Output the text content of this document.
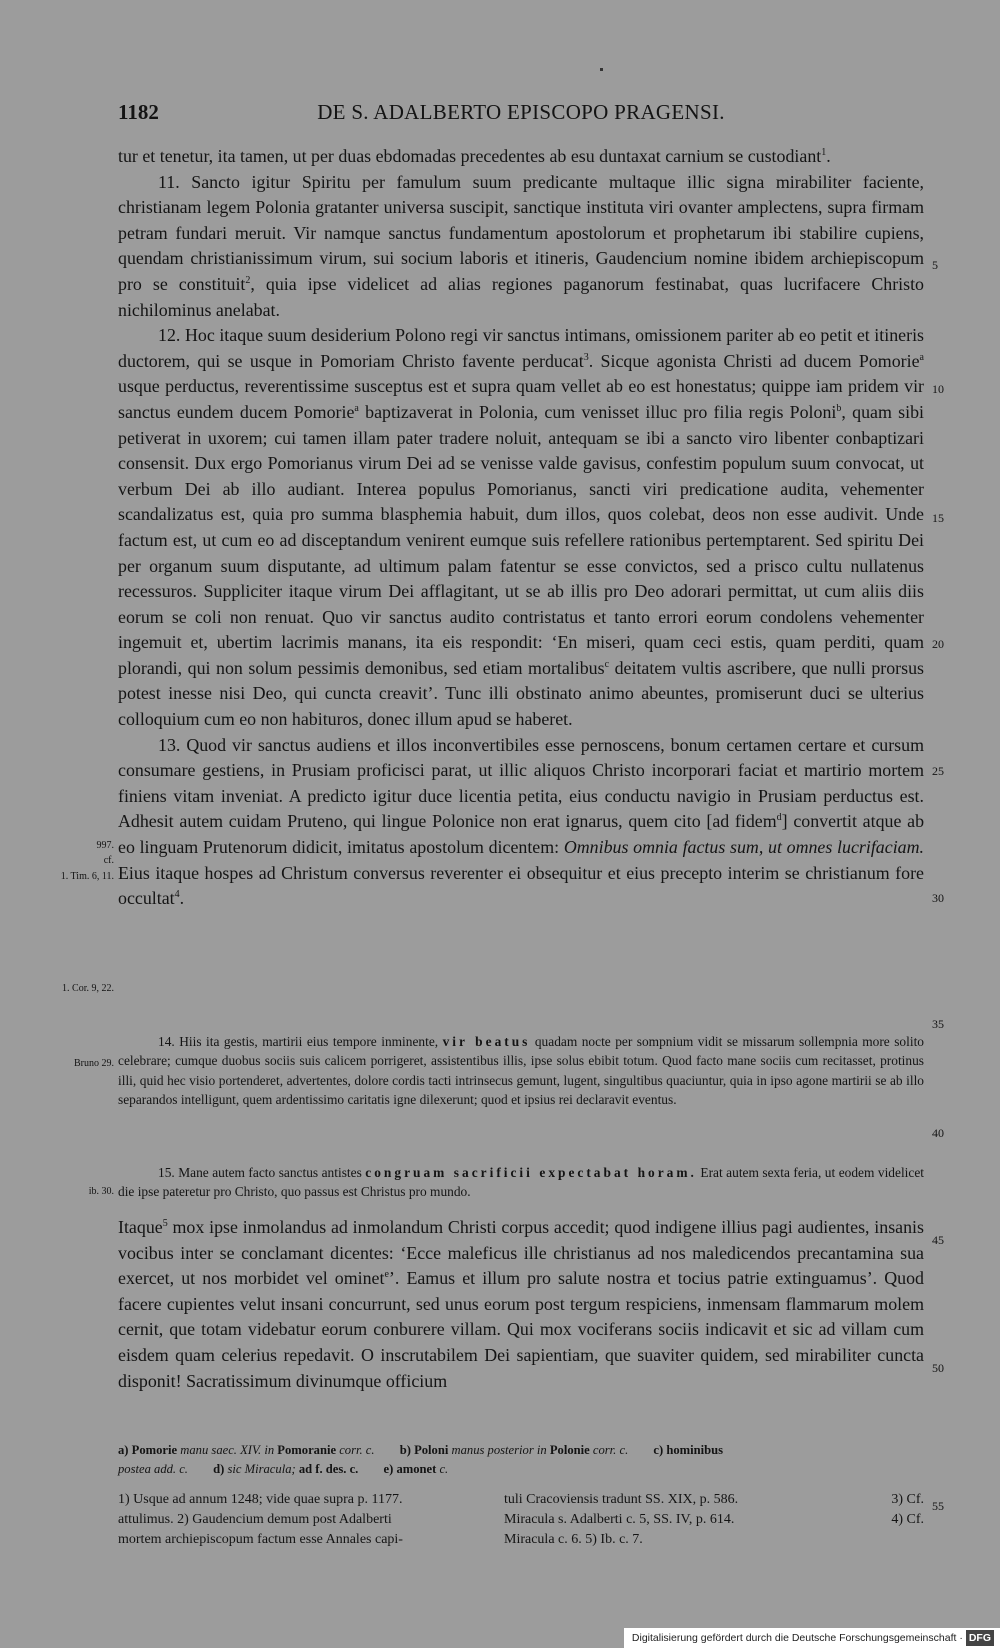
1182	DE S. ADALBERTO EPISCOPO PRAGENSI.

tur et tenetur, ita tamen, ut per duas ebdomadas precedentes ab esu duntaxat carnium se custodiant$^1$.

11. Sancto igitur Spiritu per famulum suum predicante multaque illic signa mirabiliter faciente, christianam legem Polonia gratanter universa suscipit, sanctique instituta viri ovanter amplectens, supra firmam petram fundari meruit. Vir namque sanctus fundamentum apostolorum et prophetarum ibi stabilire cupiens, quendam christianissimum virum, sui socium laboris et itineris, Gaudencium nomine ibidem archiepiscopum pro se constituit$^2$, quia ipse videlicet ad alias regiones paganorum festinabat, quas lucrifacere Christo nichilominus anelabat.

12. Hoc itaque suum desiderium Polono regi vir sanctus intimans, omissionem pariter ab eo petit et itineris ductorem, qui se usque in Pomoriam Christo favente perducat$^3$. Sicque agonista Christi ad ducem Pomorie$^a$ usque perductus, reverentissime susceptus est et supra quam vellet ab eo est honestatus; quippe iam pridem vir sanctus eundem ducem Pomorie$^a$ baptizaverat in Polonia, cum venisset illuc pro filia regis Poloni$^b$, quam sibi petiverat in uxorem; cui tamen illam pater tradere noluit, antequam se ibi a sancto viro libenter conbaptizari consensit. Dux ergo Pomorianus virum Dei ad se venisse valde gavisus, confestim populum suum convocat, ut verbum Dei ab illo audiant. Interea populus Pomorianus, sancti viri predicatione audita, vehementer scandalizatus est, quia pro summa blasphemia habuit, dum illos, quos colebat, deos non esse audivit. Unde factum est, ut cum eo ad disceptandum venirent eumque suis refellere rationibus pertemptarent. Sed spiritu Dei per organum suum disputante, ad ultimum palam fatentur se esse convictos, sed a prisco cultu nullatenus recessuros. Suppliciter itaque virum Dei afflagitant, ut se ab illis pro Deo adorari permittat, ut cum aliis diis eorum se coli non renuat. Quo vir sanctus audito contristatus et tanto errori eorum condolens vehementer ingemuit et, ubertim lacrimis manans, ita eis respondit: ‘En miseri, quam ceci estis, quam perditi, quam plorandi, qui non solum pessimis demonibus, sed etiam mortalibus$^c$ deitatem vultis ascribere, que nulli prorsus potest inesse nisi Deo, qui cuncta creavit’. Tunc illi obstinato animo abeuntes, promiserunt duci se ulterius colloquium cum eo non habituros, donec illum apud se haberet.

13. Quod vir sanctus audiens et illos inconvertibiles esse pernoscens, bonum certamen certare et cursum consumare gestiens, in Prusiam proficisci parat, ut illic aliquos Christo incorporari faciat et martirio mortem finiens vitam inveniat. A predicto igitur duce licentia petita, eius conductu navigio in Prusiam perductus est. Adhesit autem cuidam Pruteno, qui lingue Polonice non erat ignarus, quem cito [ad fidem$^d$] convertit atque ab eo linguam Prutenorum didicit, imitatus apostolum dicentem: Omnibus omnia factus sum, ut omnes lucrifaciam. Eius itaque hospes ad Christum conversus reverenter ei obsequitur et eius precepto interim se christianum fore occultat$^4$.

14. Hiis ita gestis, martirii eius tempore inminente, vir beatus quadam nocte per sompnium vidit se missarum sollempnia more solito celebrare; cumque duobus sociis suis calicem porrigeret, assistentibus illis, ipse solus ebibit totum. Quod facto mane sociis cum recitasset, protinus illi, quid hec visio portenderet, advertentes, dolore cordis tacti intrinsecus gemunt, lugent, singultibus quaciuntur, quia in ipso agone martirii se ab illo separandos intelligunt, quem ardentissimo caritatis igne dilexerunt; quod et ipsius rei declaravit eventus.

15. Mane autem facto sanctus antistes congruam sacrificii expectabat horam. Erat autem sexta feria, ut eodem videlicet die ipse pateretur pro Christo, quo passus est Christus pro mundo.

Itaque$^5$ mox ipse inmolandus ad inmolandum Christi corpus accedit; quod indigene illius pagi audientes, insanis vocibus inter se conclamant dicentes: ‘Ecce maleficus ille christianus ad nos maledicendos precantamina sua exercet, ut nos morbidet vel ominet$^e$’. Eamus et illum pro salute nostra et tocius patrie extinguamus’. Quod facere cupientes velut insani concurrunt, sed unus eorum post tergum respiciens, inmensam flammarum molem cernit, que totam videbatur eorum conburere villam. Qui mox vociferans sociis indicavit et sic ad villam cum eisdem quam celerius repedavit. O inscrutabilem Dei sapientiam, que suaviter quidem, sed mirabiliter cuncta disponit! Sacratissimum divinumque officium

5
10
15
20
25
30
35
40
45
50
55
997.
cf.
1. Tim. 6, 11.
1. Cor. 9, 22.
Bruno 29.
ib. 30.

a) Pomorie manu saec. XIV. in Pomoranie corr. c. b) Poloni manus posterior in Polonie corr. c. c) hominibus

postea add. c. d) sic Miracula; ad f. des. c. e) amonet c.

1) Usque ad annum 1248; vide quae supra p. 1177.

attulimus. 2) Gaudencium demum post Adalberti

mortem archiepiscopum factum esse Annales capi-

tuli Cracoviensis tradunt SS. XIX, p. 586.

Miracula s. Adalberti c. 5, SS. IV, p. 614.

Miracula c. 6. 5) Ib. c. 7.

3) Cf.

4) Cf.

Digitalisierung gefördert durch die Deutsche Forschungsgemeinschaft · DFG
